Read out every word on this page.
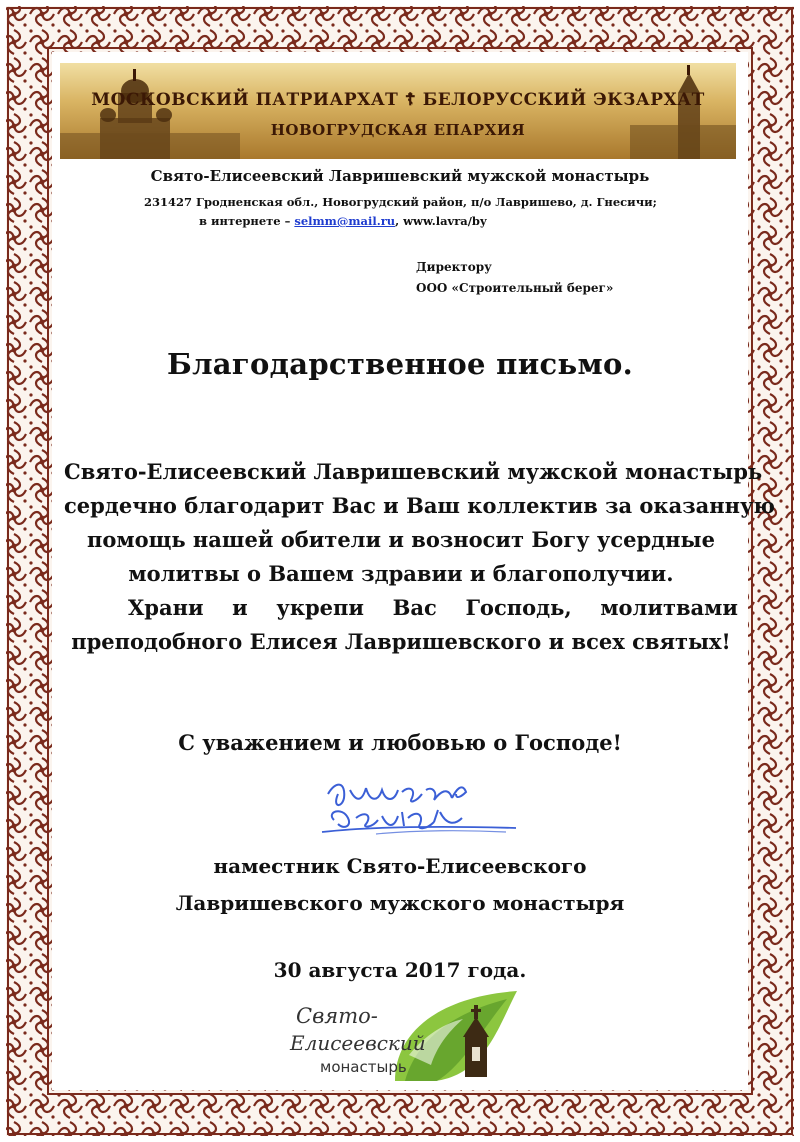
МОСКОВСКИЙ ПАТРИАРХАТ ☦ БЕЛОРУССКИЙ ЭКЗАРХАТ
НОВОГРУДСКАЯ ЕПАРХИЯ
Свято-Елисеевский Лавришевский мужской монастырь
231427 Гродненская обл., Новогрудский район, п/о Лавришево, д. Гнесичи;
в интернете – selmm@mail.ru, www.lavra/by
Директору
ООО «Строительный берег»
Благодарственное письмо.
Свято-Елисеевский Лавришевский мужской монастырь
сердечно благодарит Вас и Ваш коллектив за оказанную
помощь нашей обители и возносит Богу усердные
молитвы о Вашем здравии и благополучии.
Храни и укрепи Вас Господь, молитвами
преподобного Елисея Лавришевского и всех святых!
С уважением и любовью о Господе!
наместник Свято-Елисеевского
Лавришевского мужского монастыря
30 августа 2017 года.
Свято-
Елисеевский
монастырь
